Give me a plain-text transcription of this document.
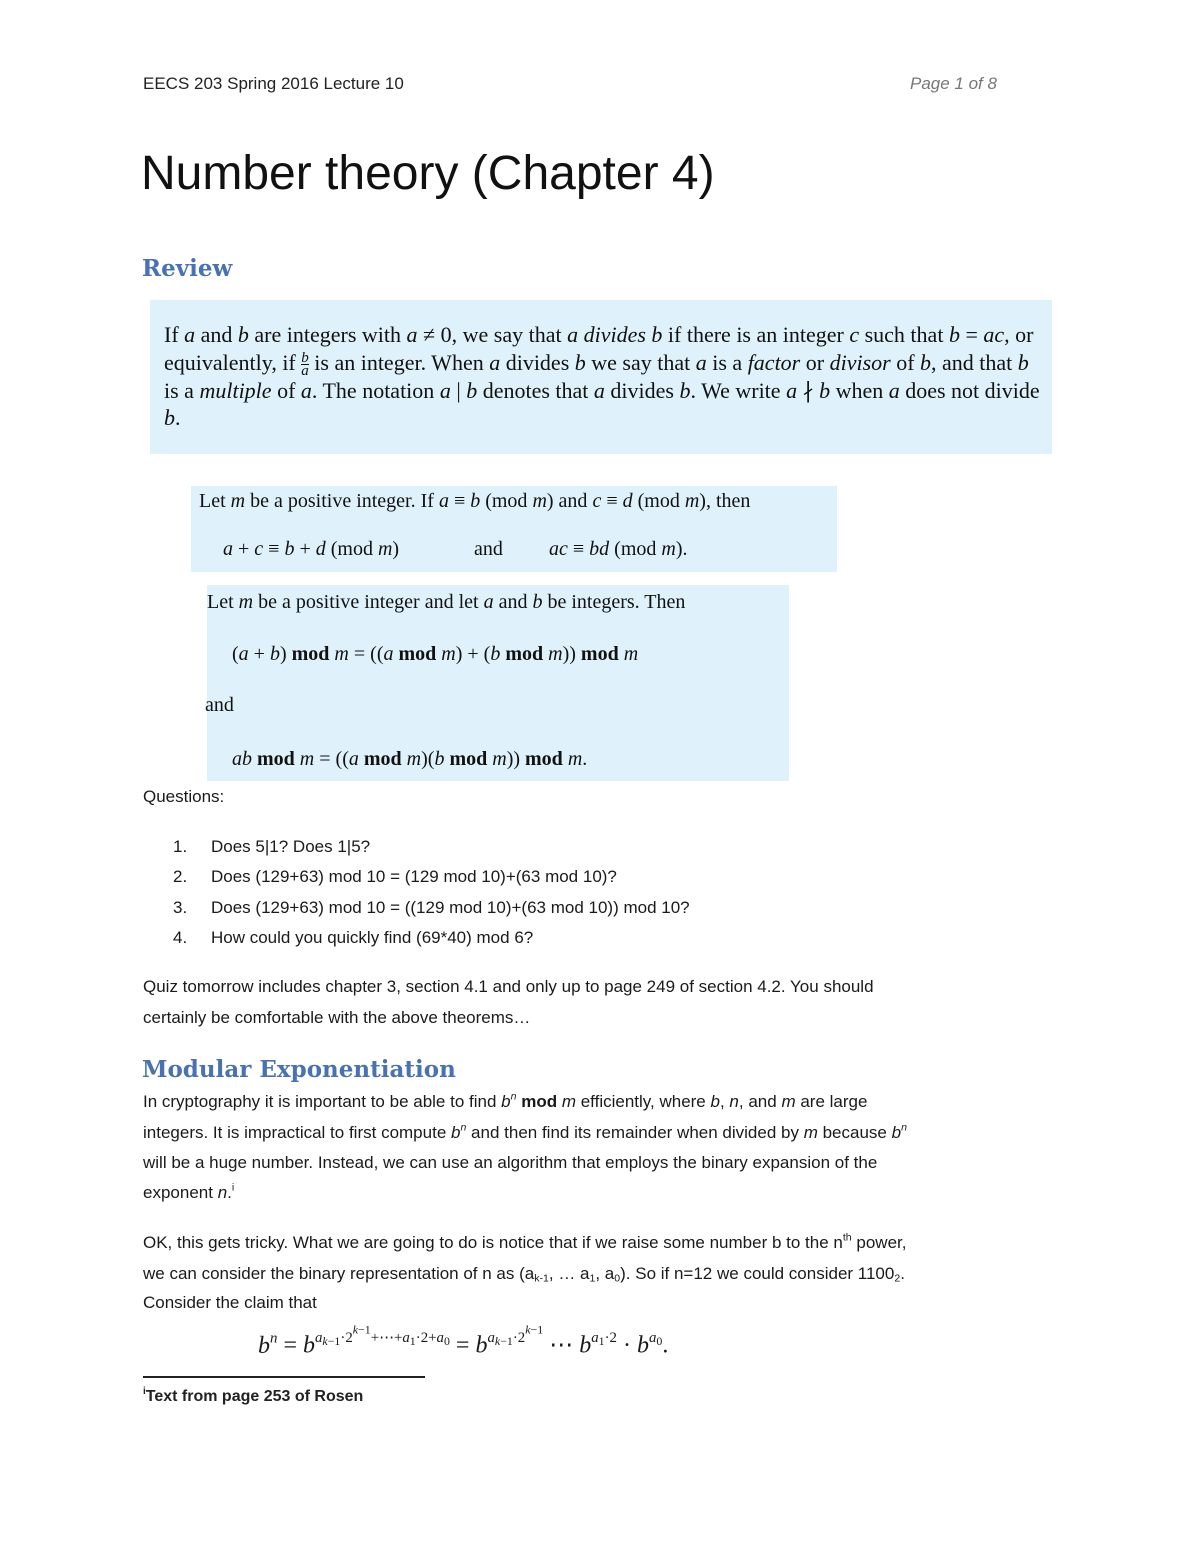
EECS 203 Spring 2016 Lecture 10	Page 1 of 8
Number theory (Chapter 4)
Review
If a and b are integers with a ≠ 0, we say that a divides b if there is an integer c such that b = ac, or equivalently, if $\frac{b}{a}$ is an integer. When a divides b we say that a is a factor or divisor of b, and that b is a multiple of a. The notation a | b denotes that a divides b. We write a ∤ b when a does not divide b.
Let m be a positive integer. If a ≡ b (mod m) and c ≡ d (mod m), then
a + c ≡ b + d (mod m)	and ac ≡ bd (mod m).
Let m be a positive integer and let a and b be integers. Then
(a + b) mod m = ((a mod m) + (b mod m)) mod m
and
ab mod m = ((a mod m)(b mod m)) mod m.
Questions:
1. Does 5|1? Does 1|5?
2. Does (129+63) mod 10 = (129 mod 10)+(63 mod 10)?
3. Does (129+63) mod 10 = ((129 mod 10)+(63 mod 10)) mod 10?
4. How could you quickly find (69*40) mod 6?
Quiz tomorrow includes chapter 3, section 4.1 and only up to page 249 of section 4.2. You should
certainly be comfortable with the above theorems…
Modular Exponentiation
In cryptography it is important to be able to find $b^n$ mod m efficiently, where b, n, and m are large
integers. It is impractical to first compute $b^n$ and then find its remainder when divided by m because $b^n$
will be a huge number. Instead, we can use an algorithm that employs the binary expansion of the
exponent n.$^i$
OK, this gets tricky. What we are going to do is notice that if we raise some number b to the $n^{th}$ power,
we can consider the binary representation of n as ($a_{k-1}$, … $a_1$, $a_0$). So if n=12 we could consider $1100_2$.
Consider the claim that
$b^n = b^{a_{k-1}\cdot 2^{k-1}+\cdots+a_1\cdot 2+a_0} = b^{a_{k-1}\cdot 2^{k-1}}$ ⋯ $b^{a_1\cdot 2} \cdot b^{a_0}$.
$^i$Text from page 253 of Rosen
